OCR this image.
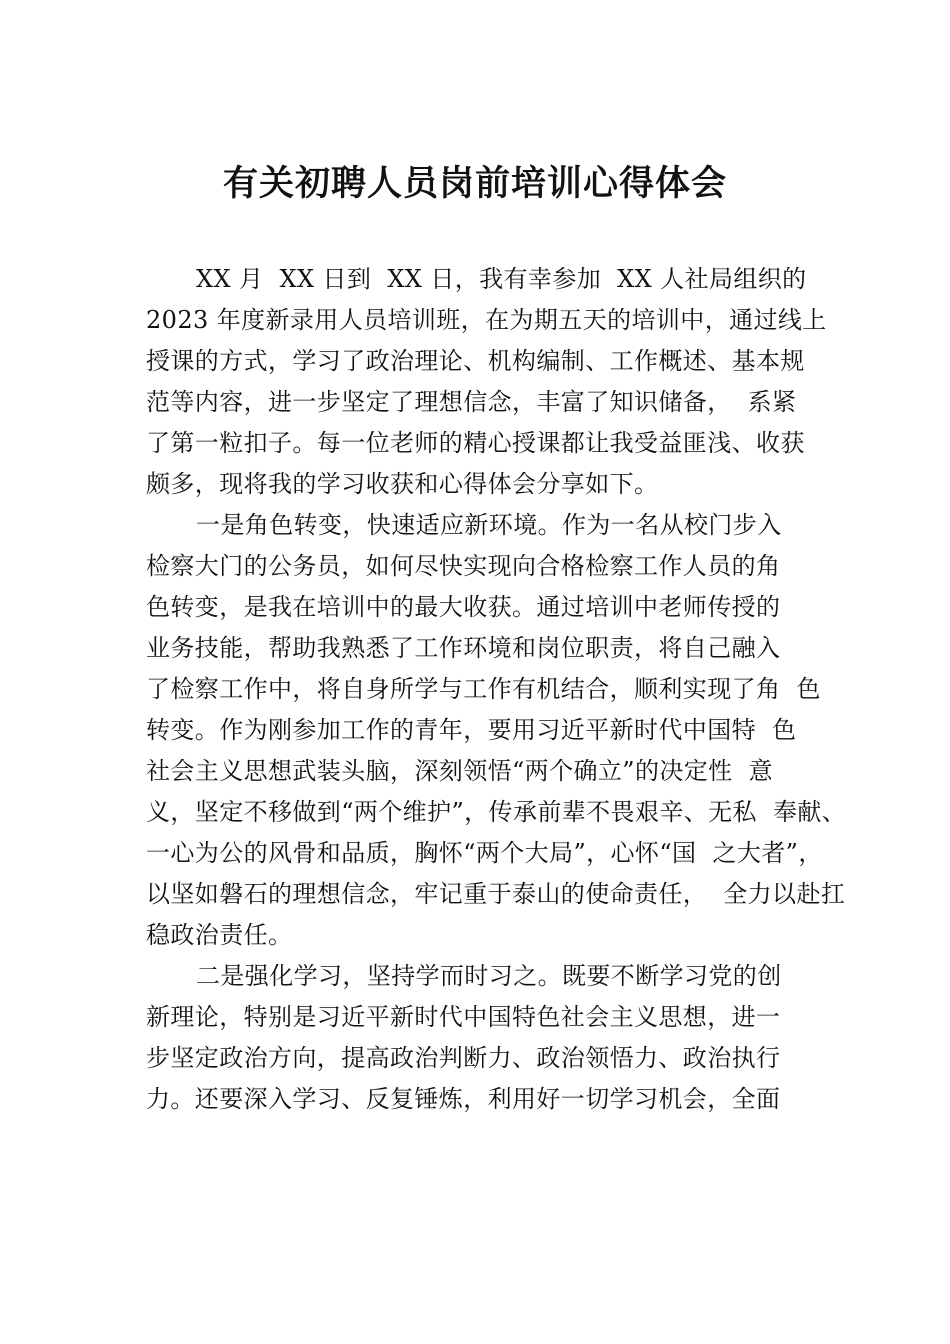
有关初聘人员岗前培训心得体会
XX 月  XX 日到  XX 日，我有幸参加  XX 人社局组织的
2023 年度新录用人员培训班，在为期五天的培训中，通过线上
授课的方式，学习了政治理论、机构编制、工作概述、基本规
范等内容，进一步坚定了理想信念，丰富了知识储备，  系紧
了第一粒扣子。每一位老师的精心授课都让我受益匪浅、收获
颇多，现将我的学习收获和心得体会分享如下。
一是角色转变，快速适应新环境。作为一名从校门步入
检察大门的公务员，如何尽快实现向合格检察工作人员的角
色转变，是我在培训中的最大收获。通过培训中老师传授的
业务技能，帮助我熟悉了工作环境和岗位职责，将自己融入
了检察工作中，将自身所学与工作有机结合，顺利实现了角  色
转变。作为刚参加工作的青年，要用习近平新时代中国特  色
社会主义思想武装头脑，深刻领悟“两个确立”的决定性  意
义，坚定不移做到“两个维护”，传承前辈不畏艰辛、无私  奉献、
一心为公的风骨和品质，胸怀“两个大局”，心怀“国  之大者”，
以坚如磐石的理想信念，牢记重于泰山的使命责任，  全力以赴扛
稳政治责任。
二是强化学习，坚持学而时习之。既要不断学习党的创
新理论，特别是习近平新时代中国特色社会主义思想，进一
步坚定政治方向，提高政治判断力、政治领悟力、政治执行
力。还要深入学习、反复锤炼，利用好一切学习机会，全面
